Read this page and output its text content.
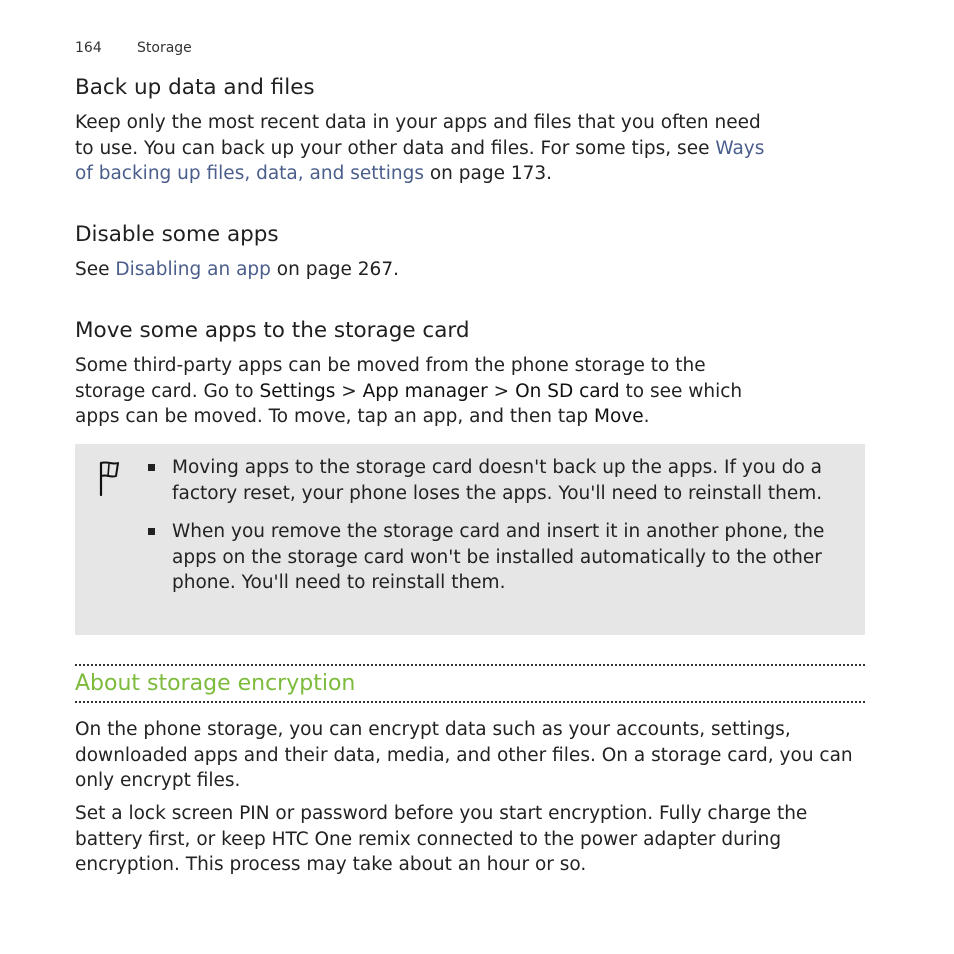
164	Storage
Back up data and files

Keep only the most recent data in your apps and files that you often need
to use. You can back up your other data and files. For some tips, see Ways
of backing up files, data, and settings on page 173.

Disable some apps

See Disabling an app on page 267.

Move some apps to the storage card

Some third-party apps can be moved from the phone storage to the
storage card. Go to Settings > App manager > On SD card to see which
apps can be moved. To move, tap an app, and then tap Move.

Moving apps to the storage card doesn't back up the apps. If you do a factory reset, your phone loses the apps. You'll need to reinstall them.
When you remove the storage card and insert it in another phone, the apps on the storage card won't be installed automatically to the other phone. You'll need to reinstall them.
About storage encryption

On the phone storage, you can encrypt data such as your accounts, settings, downloaded apps and their data, media, and other files. On a storage card, you can only encrypt files.

Set a lock screen PIN or password before you start encryption. Fully charge the battery first, or keep HTC One remix connected to the power adapter during encryption. This process may take about an hour or so.
